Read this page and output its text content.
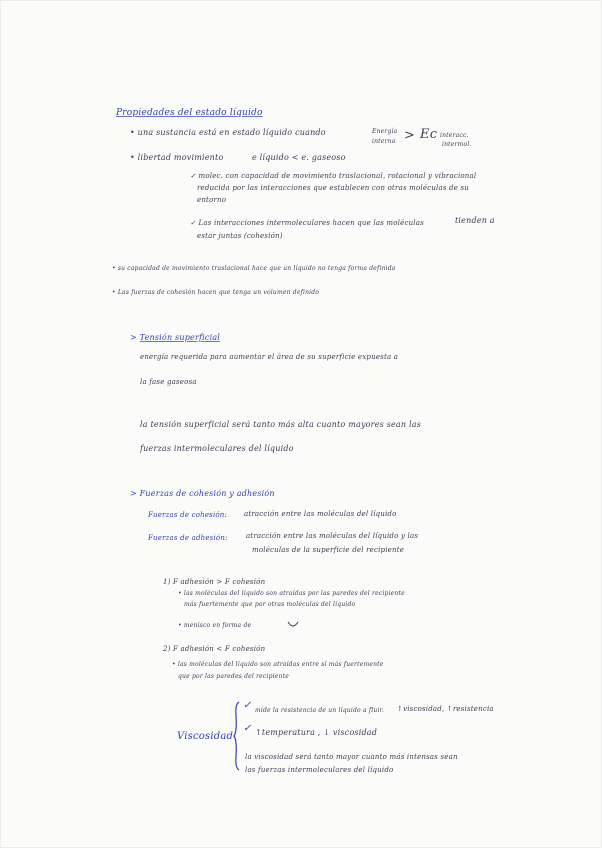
Propiedades del estado líquido
• una sustancia está en estado líquido cuando	Energía
interna > Ec interacc.
intermol.
• libertad movimiento	e líquido < e. gaseoso
✓ molec. con capacidad de movimiento traslacional, rotacional y vibracional
reducida por las interacciones que establecen con otras moléculas de su
entorno
✓ Las interacciones intermoleculares hacen que las moléculas	tienden a
estar juntas (cohesión)
• su capacidad de movimiento traslacional hace que un líquido no tenga forma definida
• Las fuerzas de cohesión hacen que tenga un volumen definido
> Tensión superficial
energía requerida para aumentar el área de su superficie expuesta a
la fase gaseosa
la tensión superficial será tanto más alta cuanto mayores sean las
fuerzas intermoleculares del líquido
> Fuerzas de cohesión y adhesión
Fuerzas de cohesión: atracción entre las moléculas del líquido
Fuerzas de adhesión:	atracción entre las moléculas del líquido y las
moléculas de la superficie del recipiente
1) F adhesión > F cohesión
• las moléculas del líquido son atraídas por las paredes del recipiente
más fuertemente que por otras moléculas del líquido
• menisco en forma de
2) F adhesión < F cohesión
• las moléculas del líquido son atraídas entre sí más fuertemente
que por las paredes del recipiente
Viscosidad
✓ mide la resistencia de un líquido a fluir. ↑viscosidad, ↑resistencia
✓ ↑temperatura , ↓ viscosidad
la viscosidad será tanto mayor cuanto más intensas sean
las fuerzas intermoleculares del líquido
